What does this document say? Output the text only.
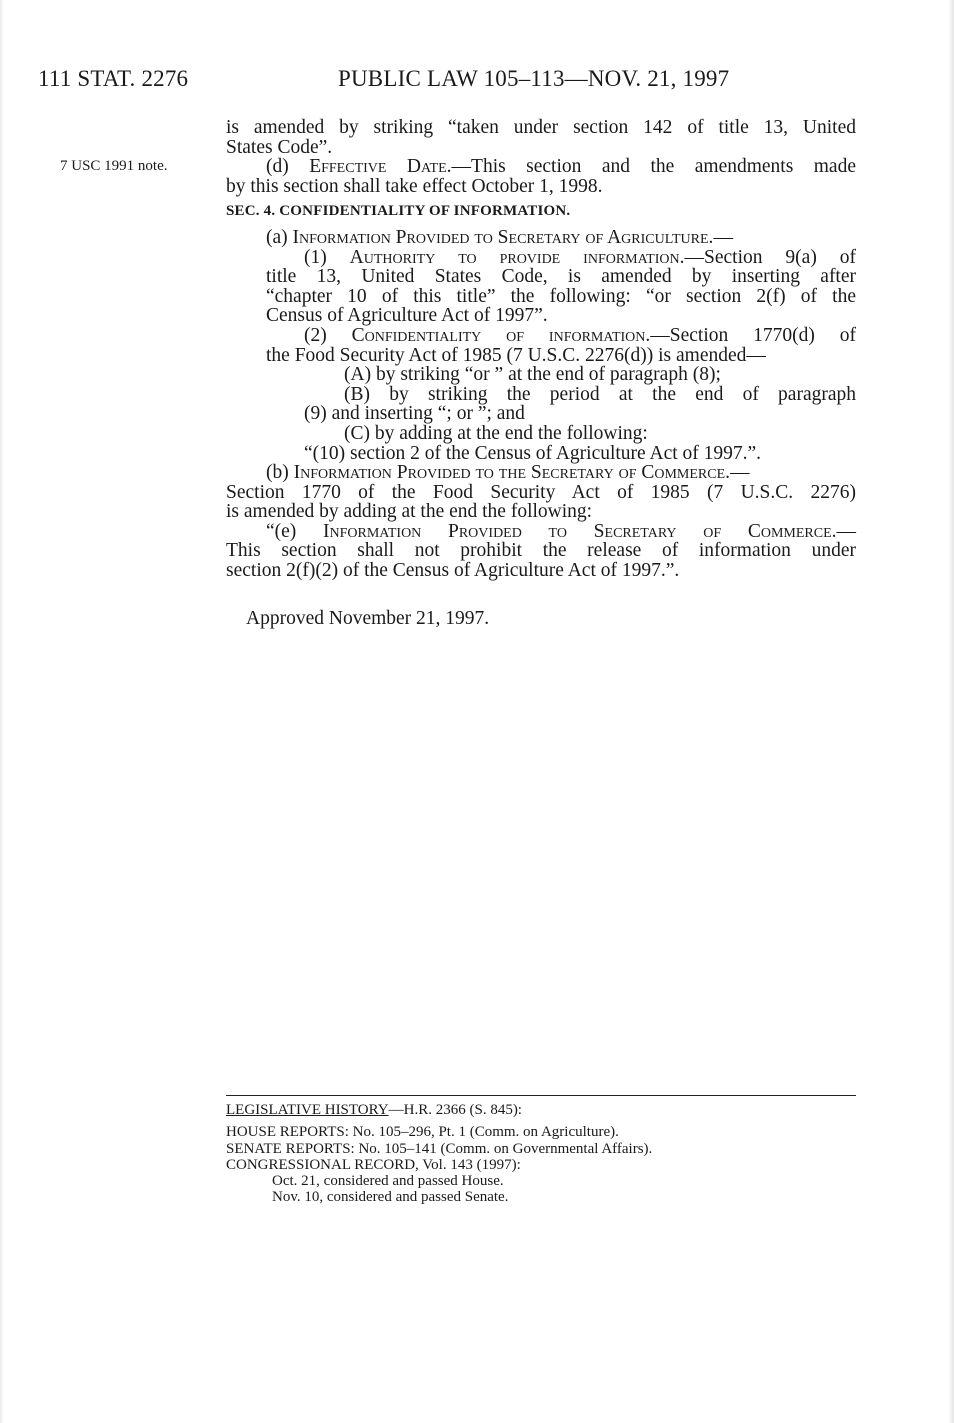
111 STAT. 2276	PUBLIC LAW 105–113—NOV. 21, 1997
7 USC 1991 note.
is amended by striking “taken under section 142 of title 13, United
States Code”.
(d) Effective Date.—This section and the amendments made
by this section shall take effect October 1, 1998.
SEC. 4. CONFIDENTIALITY OF INFORMATION.
(a) Information Provided to Secretary of Agriculture.—
(1) Authority to provide information.—Section 9(a) of
title 13, United States Code, is amended by inserting after
“chapter 10 of this title” the following: “or section 2(f) of the
Census of Agriculture Act of 1997”.
(2) Confidentiality of information.—Section 1770(d) of
the Food Security Act of 1985 (7 U.S.C. 2276(d)) is amended—
(A) by striking “or ” at the end of paragraph (8);
(B) by striking the period at the end of paragraph
(9) and inserting “; or ”; and
(C) by adding at the end the following:
“(10) section 2 of the Census of Agriculture Act of 1997.”.
(b) Information Provided to the Secretary of Commerce.—
Section 1770 of the Food Security Act of 1985 (7 U.S.C. 2276)
is amended by adding at the end the following:
“(e) Information Provided to Secretary of Commerce.—
This section shall not prohibit the release of information under
section 2(f)(2) of the Census of Agriculture Act of 1997.”.
Approved November 21, 1997.
LEGISLATIVE HISTORY—H.R. 2366 (S. 845):
HOUSE REPORTS: No. 105–296, Pt. 1 (Comm. on Agriculture).
SENATE REPORTS: No. 105–141 (Comm. on Governmental Affairs).
CONGRESSIONAL RECORD, Vol. 143 (1997):
Oct. 21, considered and passed House.
Nov. 10, considered and passed Senate.
